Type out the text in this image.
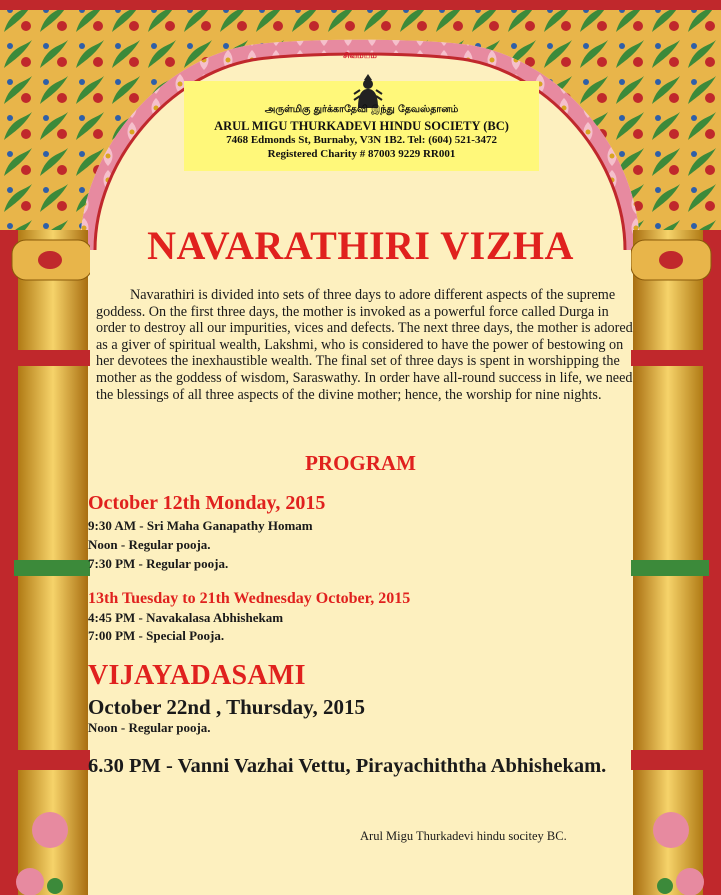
சிவமயம்
அருள்மிகு துர்க்காதேவி இந்து தேவஸ்தானம்
ARUL MIGU THURKADEVI HINDU SOCIETY (BC)
7468 Edmonds St, Burnaby, V3N 1B2. Tel: (604) 521-3472
Registered Charity # 87003 9229 RR001
NAVARATHIRI VIZHA
Navarathiri is divided into sets of three days to adore different aspects of the supreme goddess. On the first three days, the mother is invoked as a powerful force called Durga in order to destroy all our impurities, vices and defects. The next three days, the mother is adored as a giver of spiritual wealth, Lakshmi, who is considered to have the power of bestowing on her devotees the inexhaustible wealth. The final set of three days is spent in worshipping the mother as the goddess of wisdom, Saraswathy. In order have all-round success in life, we need the blessings of all three aspects of the divine mother; hence, the worship for nine nights.
PROGRAM
October 12th Monday, 2015
9:30 AM - Sri Maha Ganapathy Homam
Noon - Regular pooja.
7:30 PM - Regular pooja.
13th Tuesday to 21th Wednesday October, 2015
4:45 PM - Navakalasa Abhishekam
7:00 PM - Special Pooja.
VIJAYADASAMI
October 22nd , Thursday, 2015
Noon - Regular pooja.
6.30 PM - Vanni Vazhai Vettu, Pirayachiththa Abhishekam.
Arul Migu Thurkadevi hindu socitey BC.
